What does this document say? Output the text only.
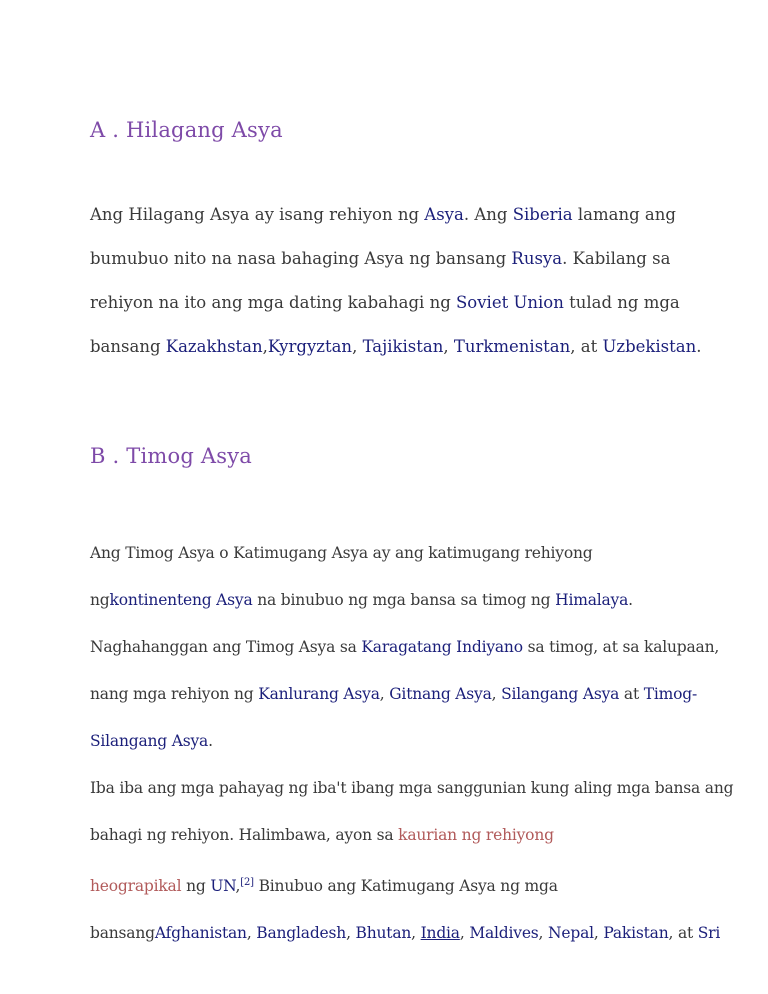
A . Hilagang Asya

Ang Hilagang Asya ay isang rehiyon ng Asya. Ang Siberia lamang ang
bumubuo nito na nasa bahaging Asya ng bansang Rusya. Kabilang sa
rehiyon na ito ang mga dating kabahagi ng Soviet Union tulad ng mga
bansang Kazakhstan,Kyrgyztan, Tajikistan, Turkmenistan, at Uzbekistan.

B . Timog Asya

Ang Timog Asya o Katimugang Asya ay ang katimugang rehiyong
ngkontinenteng Asya na binubuo ng mga bansa sa timog ng Himalaya.
Naghahanggan ang Timog Asya sa Karagatang Indiyano sa timog, at sa kalupaan,
nang mga rehiyon ng Kanlurang Asya, Gitnang Asya, Silangang Asya at Timog-
Silangang Asya.

Iba iba ang mga pahayag ng iba't ibang mga sanggunian kung aling mga bansa ang
bahagi ng rehiyon. Halimbawa, ayon sa kaurian ng rehiyong
heograpikal ng UN,[2] Binubuo ang Katimugang Asya ng mga
bansangAfghanistan, Bangladesh, Bhutan, India, Maldives, Nepal, Pakistan, at Sri
